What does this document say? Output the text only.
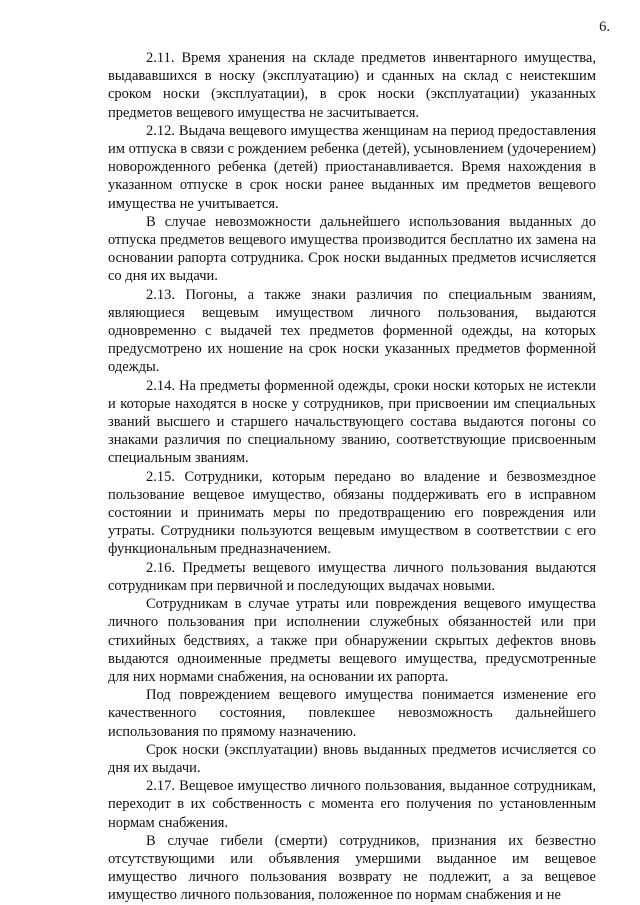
6.

2.11. Время хранения на складе предметов инвентарного имущества, выдававшихся в носку (эксплуатацию) и сданных на склад с неистекшим сроком носки (эксплуатации), в срок носки (эксплуатации) указанных предметов вещевого имущества не засчитывается.

2.12. Выдача вещевого имущества женщинам на период предоставления им отпуска в связи с рождением ребенка (детей), усыновлением (удочерением) новорожденного ребенка (детей) приостанавливается. Время нахождения в указанном отпуске в срок носки ранее выданных им предметов вещевого имущества не учитывается.

В случае невозможности дальнейшего использования выданных до отпуска предметов вещевого имущества производится бесплатно их замена на основании рапорта сотрудника. Срок носки выданных предметов исчисляется со дня их выдачи.

2.13. Погоны, а также знаки различия по специальным званиям, являющиеся вещевым имуществом личного пользования, выдаются одновременно с выдачей тех предметов форменной одежды, на которых предусмотрено их ношение на срок носки указанных предметов форменной одежды.

2.14. На предметы форменной одежды, сроки носки которых не истекли и которые находятся в носке у сотрудников, при присвоении им специальных званий высшего и старшего начальствующего состава выдаются погоны со знаками различия по специальному званию, соответствующие присвоенным специальным званиям.

2.15. Сотрудники, которым передано во владение и безвозмездное пользование вещевое имущество, обязаны поддерживать его в исправном состоянии и принимать меры по предотвращению его повреждения или утраты. Сотрудники пользуются вещевым имуществом в соответствии с его функциональным предназначением.

2.16. Предметы вещевого имущества личного пользования выдаются сотрудникам при первичной и последующих выдачах новыми.

Сотрудникам в случае утраты или повреждения вещевого имущества личного пользования при исполнении служебных обязанностей или при стихийных бедствиях, а также при обнаружении скрытых дефектов вновь выдаются одноименные предметы вещевого имущества, предусмотренные для них нормами снабжения, на основании их рапорта.

Под повреждением вещевого имущества понимается изменение его качественного состояния, повлекшее невозможность дальнейшего использования по прямому назначению.

Срок носки (эксплуатации) вновь выданных предметов исчисляется со дня их выдачи.

2.17. Вещевое имущество личного пользования, выданное сотрудникам, переходит в их собственность с момента его получения по установленным нормам снабжения.

В случае гибели (смерти) сотрудников, признания их безвестно отсутствующими или объявления умершими выданное им вещевое имущество личного пользования возврату не подлежит, а за вещевое имущество личного пользования, положенное по нормам снабжения и не
